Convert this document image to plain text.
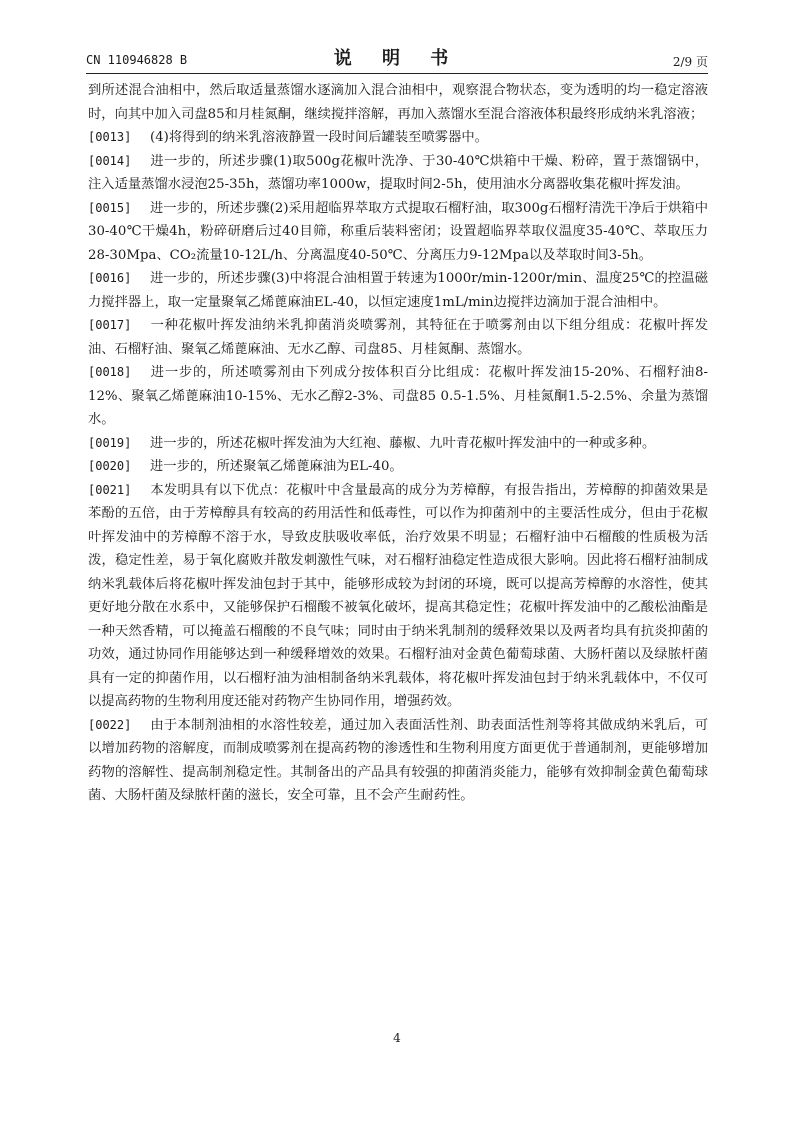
CN 110946828 B	说 明 书	2/9 页

到所述混合油相中，然后取适量蒸馏水逐滴加入混合油相中，观察混合物状态，变为透明的均一稳定溶液时，向其中加入司盘85和月桂氮酮，继续搅拌溶解，再加入蒸馏水至混合溶液体积最终形成纳米乳溶液；

[0013] (4)将得到的纳米乳溶液静置一段时间后罐装至喷雾器中。

[0014] 进一步的，所述步骤(1)取500g花椒叶洗净、于30-40℃烘箱中干燥、粉碎，置于蒸馏锅中，注入适量蒸馏水浸泡25-35h，蒸馏功率1000w，提取时间2-5h，使用油水分离器收集花椒叶挥发油。

[0015] 进一步的，所述步骤(2)采用超临界萃取方式提取石榴籽油，取300g石榴籽清洗干净后于烘箱中30-40℃干燥4h，粉碎研磨后过40目筛，称重后装料密闭；设置超临界萃取仪温度35-40℃、萃取压力28-30Mpa、CO₂流量10-12L/h、分离温度40-50℃、分离压力9-12Mpa以及萃取时间3-5h。

[0016] 进一步的，所述步骤(3)中将混合油相置于转速为1000r/min-1200r/min、温度25℃的控温磁力搅拌器上，取一定量聚氧乙烯蓖麻油EL-40，以恒定速度1mL/min边搅拌边滴加于混合油相中。

[0017] 一种花椒叶挥发油纳米乳抑菌消炎喷雾剂，其特征在于喷雾剂由以下组分组成：花椒叶挥发油、石榴籽油、聚氧乙烯蓖麻油、无水乙醇、司盘85、月桂氮酮、蒸馏水。

[0018] 进一步的，所述喷雾剂由下列成分按体积百分比组成：花椒叶挥发油15-20%、石榴籽油8-12%、聚氧乙烯蓖麻油10-15%、无水乙醇2-3%、司盘85 0.5-1.5%、月桂氮酮1.5-2.5%、余量为蒸馏水。

[0019] 进一步的，所述花椒叶挥发油为大红袍、藤椒、九叶青花椒叶挥发油中的一种或多种。

[0020] 进一步的，所述聚氧乙烯蓖麻油为EL-40。

[0021] 本发明具有以下优点：花椒叶中含量最高的成分为芳樟醇，有报告指出，芳樟醇的抑菌效果是苯酚的五倍，由于芳樟醇具有较高的药用活性和低毒性，可以作为抑菌剂中的主要活性成分，但由于花椒叶挥发油中的芳樟醇不溶于水，导致皮肤吸收率低，治疗效果不明显；石榴籽油中石榴酸的性质极为活泼，稳定性差，易于氧化腐败并散发刺激性气味，对石榴籽油稳定性造成很大影响。因此将石榴籽油制成纳米乳载体后将花椒叶挥发油包封于其中，能够形成较为封闭的环境，既可以提高芳樟醇的水溶性，使其更好地分散在水系中，又能够保护石榴酸不被氧化破坏，提高其稳定性；花椒叶挥发油中的乙酸松油酯是一种天然香精，可以掩盖石榴酸的不良气味；同时由于纳米乳制剂的缓释效果以及两者均具有抗炎抑菌的功效，通过协同作用能够达到一种缓释增效的效果。石榴籽油对金黄色葡萄球菌、大肠杆菌以及绿脓杆菌具有一定的抑菌作用，以石榴籽油为油相制备纳米乳载体，将花椒叶挥发油包封于纳米乳载体中，不仅可以提高药物的生物利用度还能对药物产生协同作用，增强药效。

[0022] 由于本制剂油相的水溶性较差，通过加入表面活性剂、助表面活性剂等将其做成纳米乳后，可以增加药物的溶解度，而制成喷雾剂在提高药物的渗透性和生物利用度方面更优于普通制剂，更能够增加药物的溶解性、提高制剂稳定性。其制备出的产品具有较强的抑菌消炎能力，能够有效抑制金黄色葡萄球菌、大肠杆菌及绿脓杆菌的滋长，安全可靠，且不会产生耐药性。

4
